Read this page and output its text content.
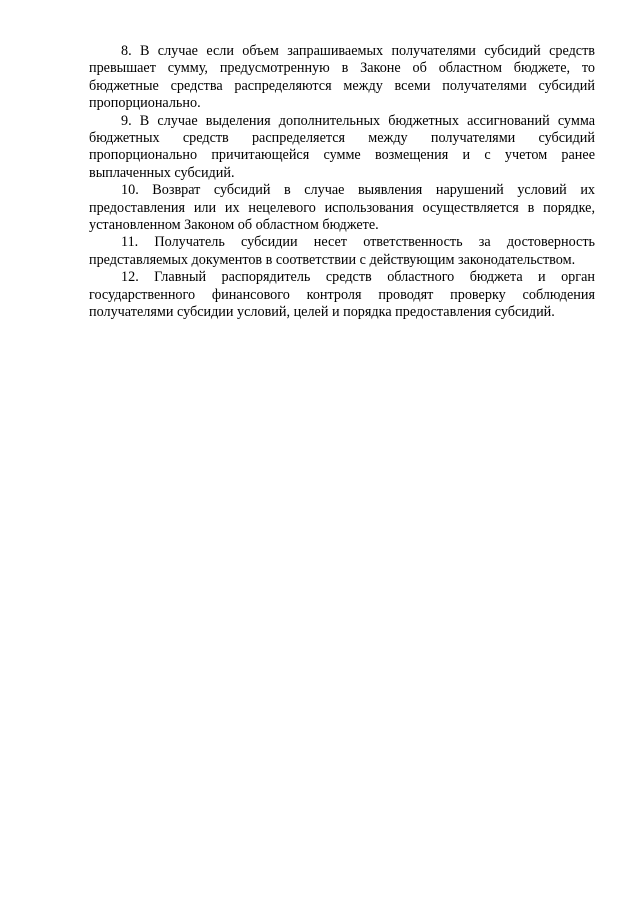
8. В случае если объем запрашиваемых получателями субсидий средств превышает сумму, предусмотренную в Законе об областном бюджете, то бюджетные средства распределяются между всеми получателями субсидий пропорционально.

9. В случае выделения дополнительных бюджетных ассигнований сумма бюджетных средств распределяется между получателями субсидий пропорционально причитающейся сумме возмещения и с учетом ранее выплаченных субсидий.

10. Возврат субсидий в случае выявления нарушений условий их предоставления или их нецелевого использования осуществляется в порядке, установленном Законом об областном бюджете.

11. Получатель субсидии несет ответственность за достоверность представляемых документов в соответствии с действующим законодательством.

12. Главный распорядитель средств областного бюджета и орган государственного финансового контроля проводят проверку соблюдения получателями субсидии условий, целей и порядка предоставления субсидий.
